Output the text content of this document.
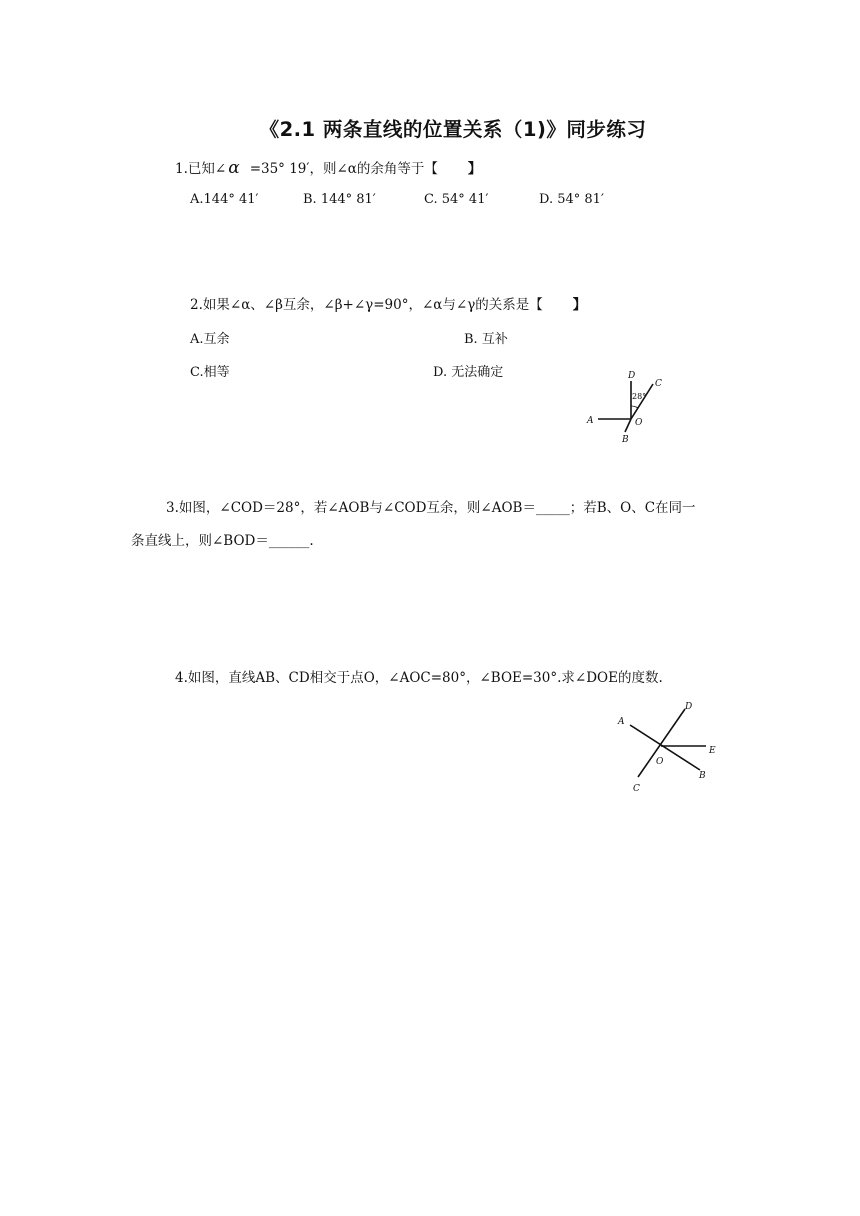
《2.1 两条直线的位置关系（1)》同步练习
1.已知∠ α =35° 19′，则∠α的余角等于【 】
A.144° 41′	B. 144° 81′	C. 54° 41′	D. 54° 81′
2.如果∠α、∠β互余，∠β+∠γ=90°，∠α与∠γ的关系是【 】
A.互余	B. 互补
C.相等	D. 无法确定	D
C
28°
A	O
B
3.如图，∠COD＝28°，若∠AOB与∠COD互余，则∠AOB＝_____；若B、O、C在同一
条直线上，则∠BOD＝______.
4.如图，直线AB、CD相交于点O，∠AOC=80°，∠BOE=30°.求∠DOE的度数.
A
D
E
O
B
C
